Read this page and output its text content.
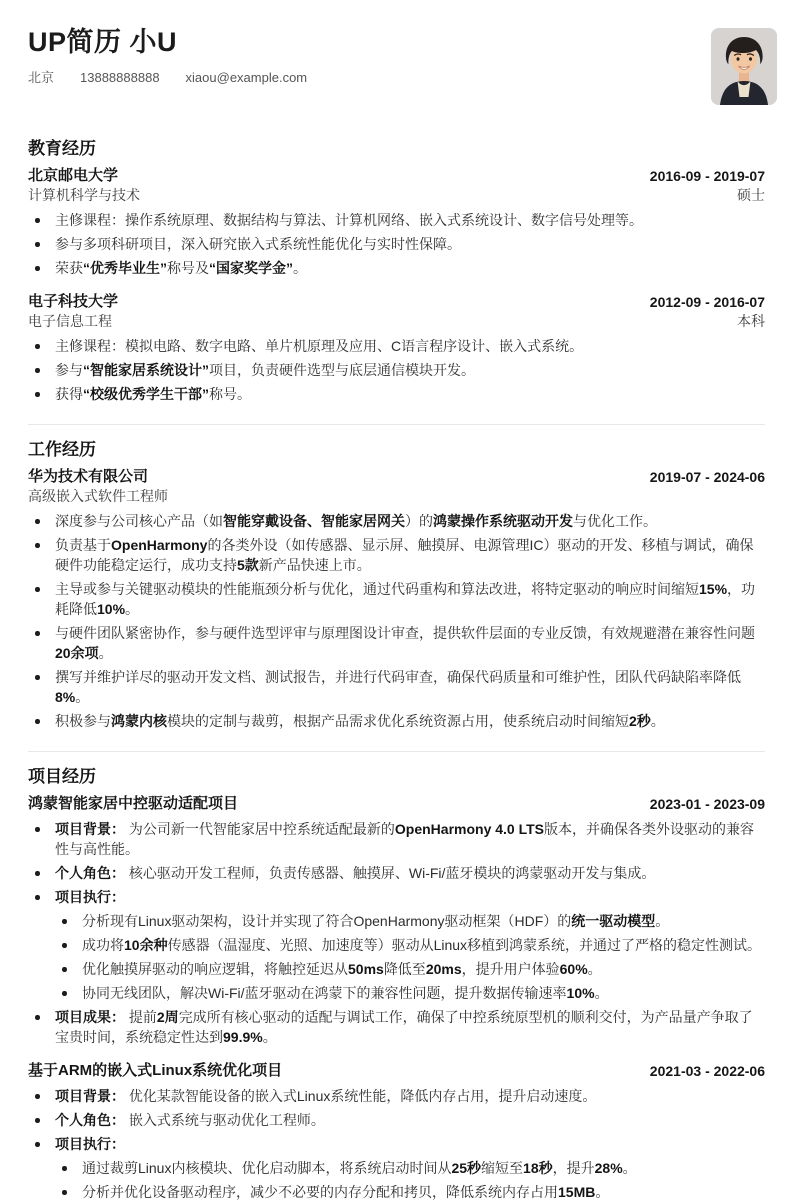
UP简历 小U
北京 13888888888 xiaou@example.com
教育经历
北京邮电大学
计算机科学与技术
2016-09 - 2019-07
硕士
主修课程：操作系统原理、数据结构与算法、计算机网络、嵌入式系统设计、数字信号处理等。
参与多项科研项目，深入研究嵌入式系统性能优化与实时性保障。
荣获“优秀毕业生”称号及“国家奖学金”。
电子科技大学
电子信息工程
2012-09 - 2016-07
本科
主修课程：模拟电路、数字电路、单片机原理及应用、C语言程序设计、嵌入式系统。
参与“智能家居系统设计”项目，负责硬件选型与底层通信模块开发。
获得“校级优秀学生干部”称号。
工作经历
华为技术有限公司
高级嵌入式软件工程师
2019-07 - 2024-06
深度参与公司核心产品（如智能穿戴设备、智能家居网关）的鸿蒙操作系统驱动开发与优化工作。
负责基于OpenHarmony的各类外设（如传感器、显示屏、触摸屏、电源管理IC）驱动的开发、移植与调试，确保硬件功能稳定运行，成功支持5款新产品快速上市。
主导或参与关键驱动模块的性能瓶颈分析与优化，通过代码重构和算法改进，将特定驱动的响应时间缩短15%，功耗降低10%。
与硬件团队紧密协作，参与硬件选型评审与原理图设计审查，提供软件层面的专业反馈，有效规避潜在兼容性问题20余项。
撰写并维护详尽的驱动开发文档、测试报告，并进行代码审查，确保代码质量和可维护性，团队代码缺陷率降低8%。
积极参与鸿蒙内核模块的定制与裁剪，根据产品需求优化系统资源占用，使系统启动时间缩短2秒。
项目经历
鸿蒙智能家居中控驱动适配项目	2023-01 - 2023-09
项目背景： 为公司新一代智能家居中控系统适配最新的OpenHarmony 4.0 LTS版本，并确保各类外设驱动的兼容性与高性能。
个人角色： 核心驱动开发工程师，负责传感器、触摸屏、Wi-Fi/蓝牙模块的鸿蒙驱动开发与集成。
项目执行：
分析现有Linux驱动架构，设计并实现了符合OpenHarmony驱动框架（HDF）的统一驱动模型。
成功将10余种传感器（温湿度、光照、加速度等）驱动从Linux移植到鸿蒙系统，并通过了严格的稳定性测试。
优化触摸屏驱动的响应逻辑，将触控延迟从50ms降低至20ms，提升用户体验60%。
协同无线团队，解决Wi-Fi/蓝牙驱动在鸿蒙下的兼容性问题，提升数据传输速率10%。
项目成果： 提前2周完成所有核心驱动的适配与调试工作，确保了中控系统原型机的顺利交付，为产品量产争取了宝贵时间，系统稳定性达到99.9%。
基于ARM的嵌入式Linux系统优化项目	2021-03 - 2022-06
项目背景： 优化某款智能设备的嵌入式Linux系统性能，降低内存占用，提升启动速度。
个人角色： 嵌入式系统与驱动优化工程师。
项目执行：
通过裁剪Linux内核模块、优化启动脚本，将系统启动时间从25秒缩短至18秒，提升28%。
分析并优化设备驱动程序，减少不必要的内存分配和拷贝，降低系统内存占用15MB。
